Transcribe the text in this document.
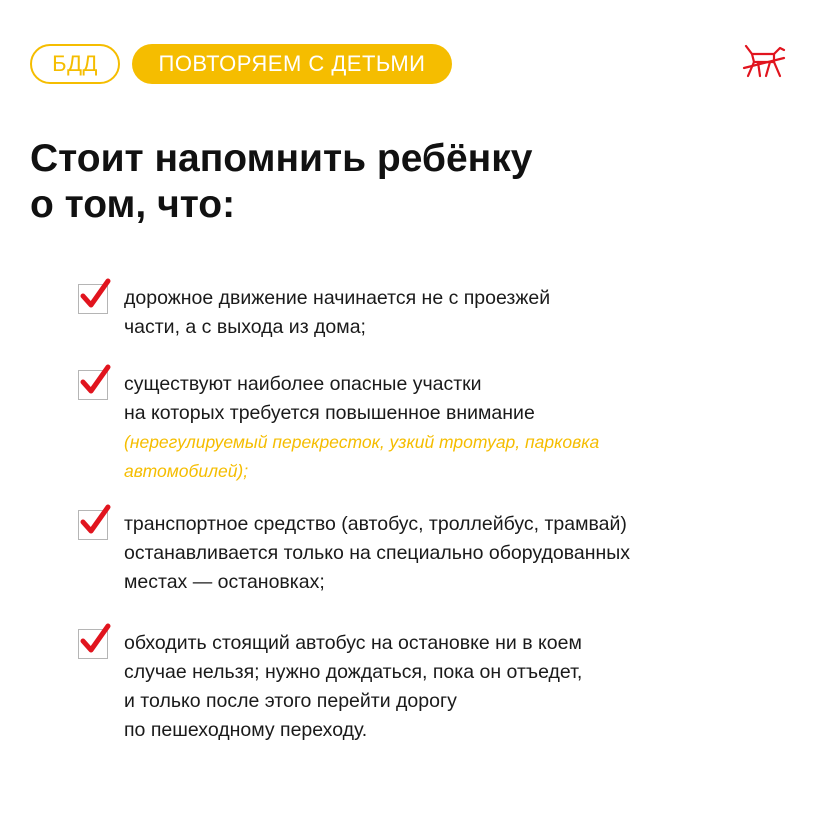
БДД	ПОВТОРЯЕМ С ДЕТЬМИ
Стоит напомнить ребёнку
о том, что:
дорожное движение начинается не с проезжей
части, а с выхода из дома;
существуют наиболее опасные участки
на которых требуется повышенное внимание
(нерегулируемый перекресток, узкий тротуар, парковка
автомобилей);
транспортное средство (автобус, троллейбус, трамвай)
останавливается только на специально оборудованных
местах — остановках;
обходить стоящий автобус на остановке ни в коем
случае нельзя; нужно дождаться, пока он отъедет,
и только после этого перейти дорогу
по пешеходному переходу.
